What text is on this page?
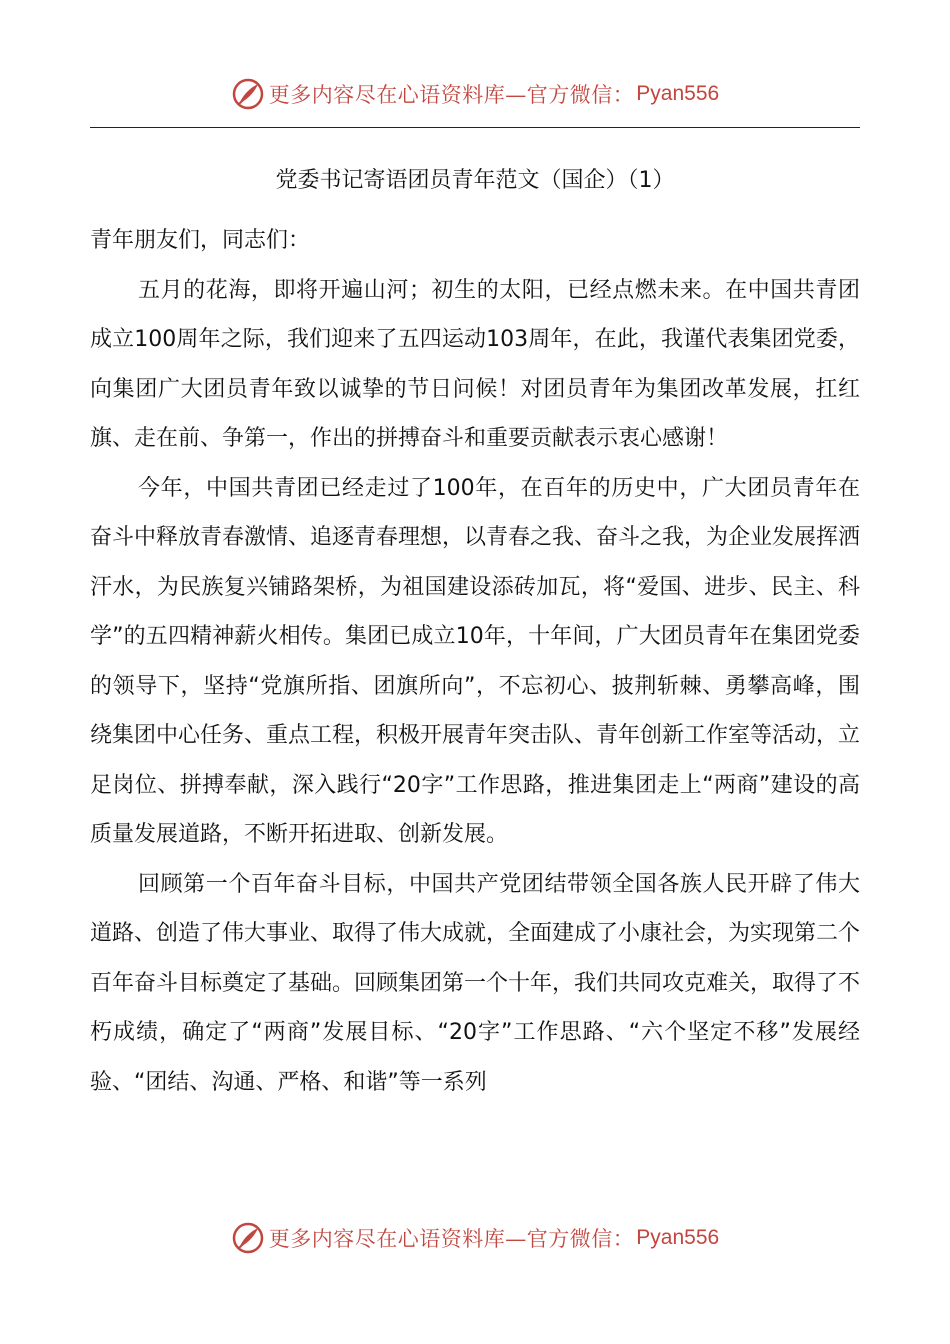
更多内容尽在心语资料库—官方微信： Pyan556
党委书记寄语团员青年范文（国企）（1）

青年朋友们，同志们：

五月的花海，即将开遍山河；初生的太阳，已经点燃未来。在中国共青团成立100周年之际，我们迎来了五四运动103周年，在此，我谨代表集团党委，向集团广大团员青年致以诚挚的节日问候！对团员青年为集团改革发展，扛红旗、走在前、争第一，作出的拼搏奋斗和重要贡献表示衷心感谢！

今年，中国共青团已经走过了100年，在百年的历史中，广大团员青年在奋斗中释放青春激情、追逐青春理想，以青春之我、奋斗之我，为企业发展挥洒汗水，为民族复兴铺路架桥，为祖国建设添砖加瓦，将“爱国、进步、民主、科学”的五四精神薪火相传。集团已成立10年，十年间，广大团员青年在集团党委的领导下，坚持“党旗所指、团旗所向”，不忘初心、披荆斩棘、勇攀高峰，围绕集团中心任务、重点工程，积极开展青年突击队、青年创新工作室等活动，立足岗位、拼搏奉献，深入践行“20字”工作思路，推进集团走上“两商”建设的高质量发展道路，不断开拓进取、创新发展。

回顾第一个百年奋斗目标，中国共产党团结带领全国各族人民开辟了伟大道路、创造了伟大事业、取得了伟大成就，全面建成了小康社会，为实现第二个百年奋斗目标奠定了基础。回顾集团第一个十年，我们共同攻克难关，取得了不朽成绩，确定了“两商”发展目标、“20字”工作思路、“六个坚定不移”发展经验、“团结、沟通、严格、和谐”等一系列

更多内容尽在心语资料库—官方微信： Pyan556
